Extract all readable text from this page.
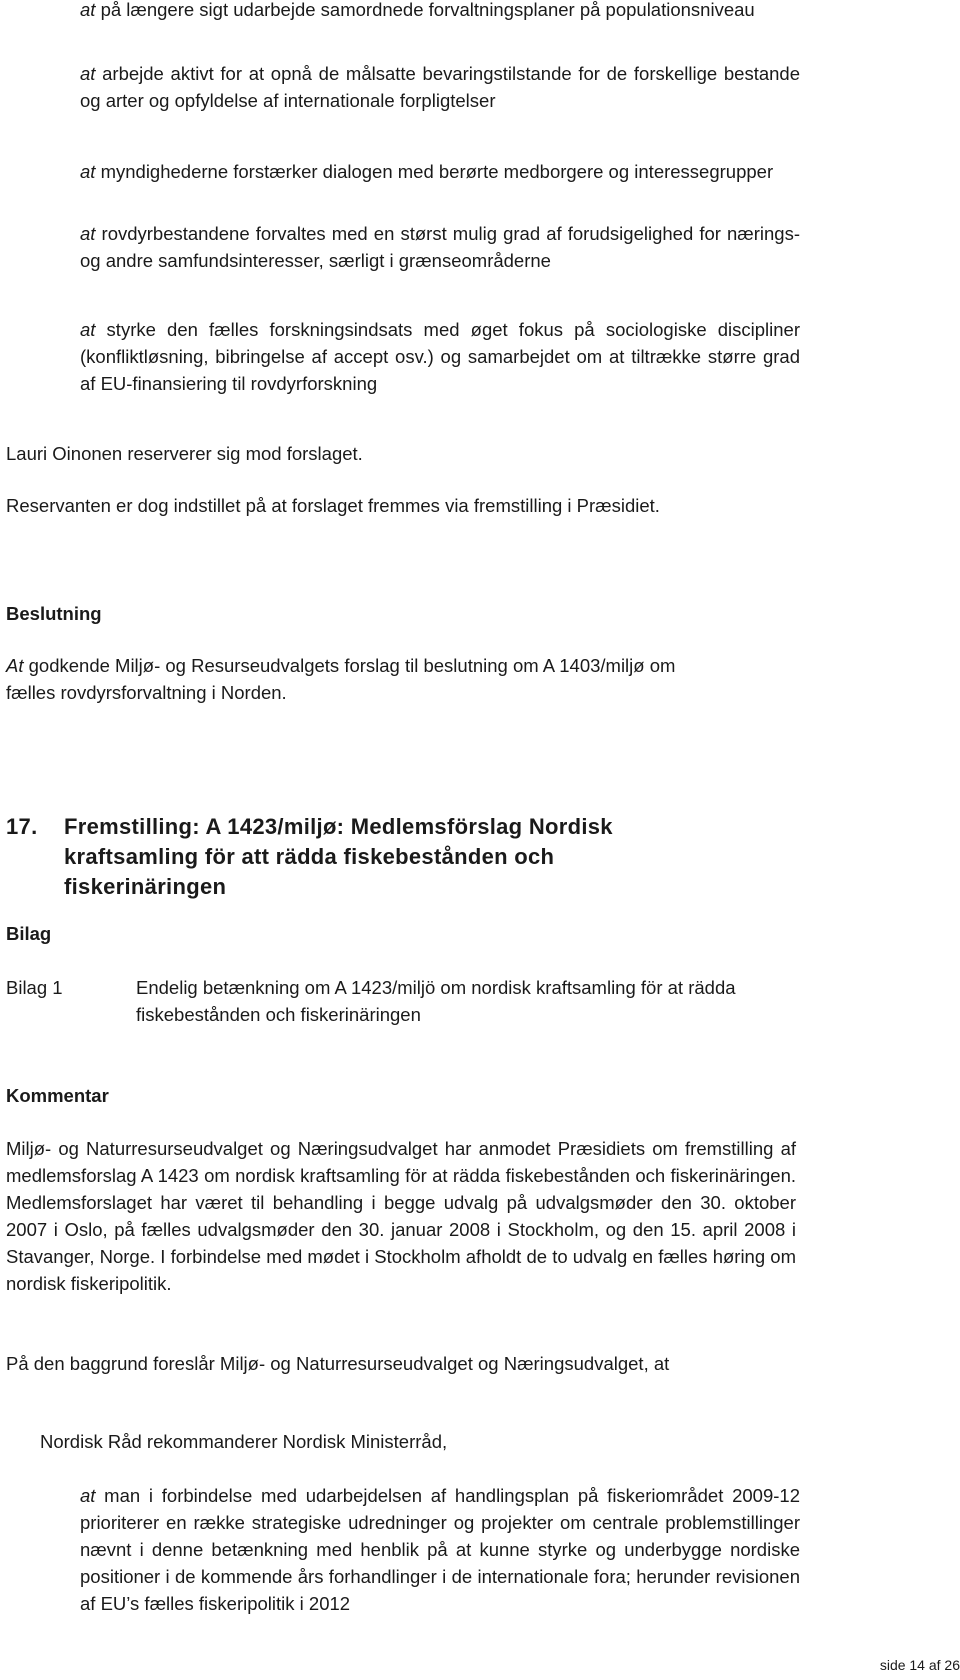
at på længere sigt udarbejde samordnede forvaltningsplaner på populationsniveau

at arbejde aktivt for at opnå de målsatte bevaringstilstande for de forskellige bestande og arter og opfyldelse af internationale forpligtelser

at myndighederne forstærker dialogen med berørte medborgere og interessegrupper

at rovdyrbestandene forvaltes med en størst mulig grad af forudsigelighed for nærings- og andre samfundsinteresser, særligt i grænseområderne

at styrke den fælles forskningsindsats med øget fokus på sociologiske discipliner (konfliktløsning, bibringelse af accept osv.) og samarbejdet om at tiltrække større grad af EU-finansiering til rovdyrforskning

Lauri Oinonen reserverer sig mod forslaget.

Reservanten er dog indstillet på at forslaget fremmes via fremstilling i Præsidiet.

Beslutning

At godkende Miljø- og Resurseudvalgets forslag til beslutning om A 1403/miljø om fælles rovdyrsforvaltning i Norden.

17. Fremstilling: A 1423/miljø: Medlemsförslag Nordisk kraftsamling för att rädda fiskebestånden och fiskerinäringen

Bilag

Bilag 1	Endelig betænkning om A 1423/miljö om nordisk kraftsamling för at rädda fiskebestånden och fiskerinäringen

Kommentar

Miljø- og Naturresurseudvalget og Næringsudvalget har anmodet Præsidiets om fremstilling af medlemsforslag A 1423 om nordisk kraftsamling för at rädda fiskebestånden och fiskerinäringen. Medlemsforslaget har været til behandling i begge udvalg på udvalgsmøder den 30. oktober 2007 i Oslo, på fælles udvalgsmøder den 30. januar 2008 i Stockholm, og den 15. april 2008 i Stavanger, Norge. I forbindelse med mødet i Stockholm afholdt de to udvalg en fælles høring om nordisk fiskeripolitik.

På den baggrund foreslår Miljø- og Naturresurseudvalget og Næringsudvalget, at

Nordisk Råd rekommanderer Nordisk Ministerråd,

at man i forbindelse med udarbejdelsen af handlingsplan på fiskeriområdet 2009-12 prioriterer en række strategiske udredninger og projekter om centrale problemstillinger nævnt i denne betænkning med henblik på at kunne styrke og underbygge nordiske positioner i de kommende års forhandlinger i de internationale fora; herunder revisionen af EU’s fælles fiskeripolitik i 2012

side 14 af 26
